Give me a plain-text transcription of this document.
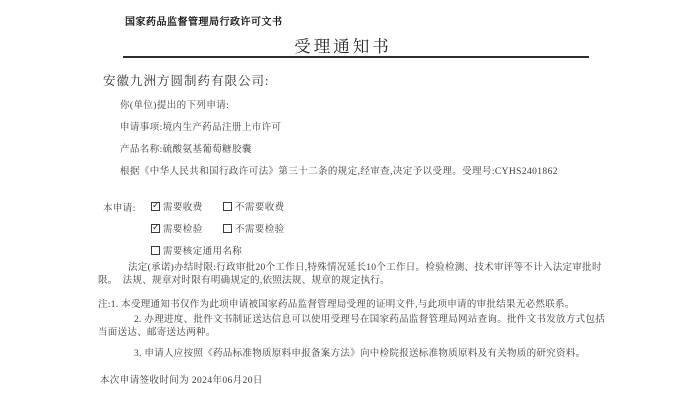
国家药品监督管理局行政许可文书
受理通知书
安徽九洲方圆制药有限公司:
你(单位)提出的下列申请:
申请事项:境内生产药品注册上市许可
产品名称:硫酸氨基葡萄糖胶囊
根据《中华人民共和国行政许可法》第三十二条的规定,经审查,决定予以受理。受理号:CYHS2401862
本申请: ✓ 需要收费	不需要收费
✓ 需要检验	不需要检验
需要核定通用名称
法定(承诺)办结时限:行政审批20个工作日,特殊情况延长10个工作日。检验检测、技术审评等不计入法定审批时限。　法规、规章对时限有明确规定的,依照法规、规章的规定执行。
注:1. 本受理通知书仅作为此项申请被国家药品监督管理局受理的证明文件,与此项申请的审批结果无必然联系。
2. 办理进度、批件文书制证送达信息可以使用受理号在国家药品监督管理局网站查询。批件文书发放方式包括当面送达、邮寄送达两种。
3. 申请人应按照《药品标准物质原料申报备案方法》向中检院报送标准物质原料及有关物质的研究资料。
本次申请签收时间为 2024年06月20日
